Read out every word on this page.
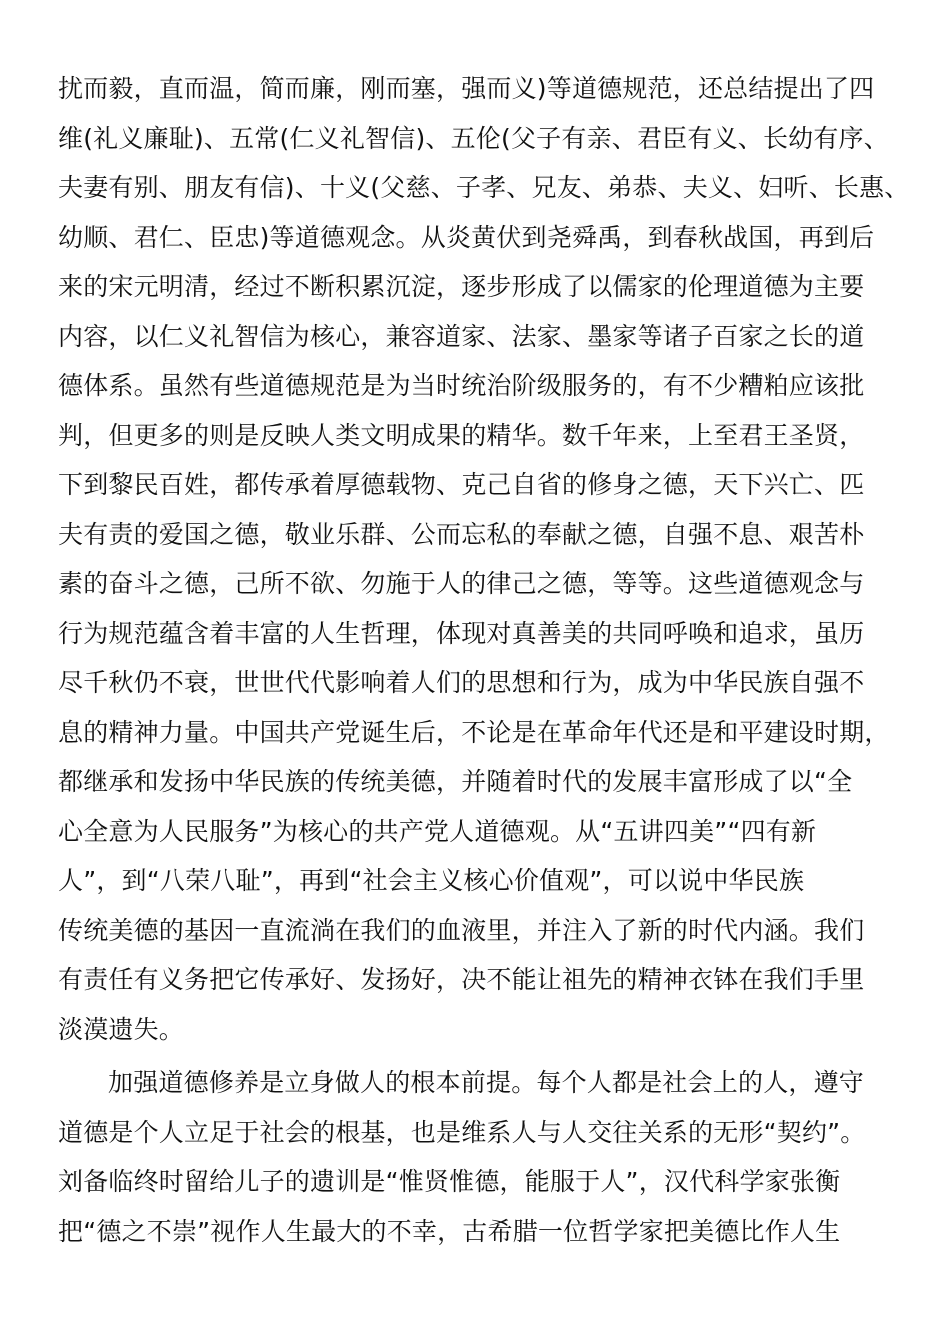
扰而毅，直而温，简而廉，刚而塞，强而义)等道德规范，还总结提出了四
维(礼义廉耻)、五常(仁义礼智信)、五伦(父子有亲、君臣有义、长幼有序、
夫妻有别、朋友有信)、十义(父慈、子孝、兄友、弟恭、夫义、妇听、长惠、
幼顺、君仁、臣忠)等道德观念。从炎黄伏到尧舜禹，到春秋战国，再到后
来的宋元明清，经过不断积累沉淀，逐步形成了以儒家的伦理道德为主要
内容，以仁义礼智信为核心，兼容道家、法家、墨家等诸子百家之长的道
德体系。虽然有些道德规范是为当时统治阶级服务的，有不少糟粕应该批
判，但更多的则是反映人类文明成果的精华。数千年来，上至君王圣贤，
下到黎民百姓，都传承着厚德载物、克己自省的修身之德，天下兴亡、匹
夫有责的爱国之德，敬业乐群、公而忘私的奉献之德，自强不息、艰苦朴
素的奋斗之德，己所不欲、勿施于人的律己之德，等等。这些道德观念与
行为规范蕴含着丰富的人生哲理，体现对真善美的共同呼唤和追求，虽历
尽千秋仍不衰，世世代代影响着人们的思想和行为，成为中华民族自强不
息的精神力量。中国共产党诞生后，不论是在革命年代还是和平建设时期，
都继承和发扬中华民族的传统美德，并随着时代的发展丰富形成了以“全
心全意为人民服务”为核心的共产党人道德观。从“五讲四美”“四有新
人”，到“八荣八耻”，再到“社会主义核心价值观”，可以说中华民族
传统美德的基因一直流淌在我们的血液里，并注入了新的时代内涵。我们
有责任有义务把它传承好、发扬好，决不能让祖先的精神衣钵在我们手里
淡漠遗失。

加强道德修养是立身做人的根本前提。每个人都是社会上的人，遵守
道德是个人立足于社会的根基，也是维系人与人交往关系的无形“契约”。
刘备临终时留给儿子的遗训是“惟贤惟德，能服于人”，汉代科学家张衡
把“德之不崇”视作人生最大的不幸，古希腊一位哲学家把美德比作人生
